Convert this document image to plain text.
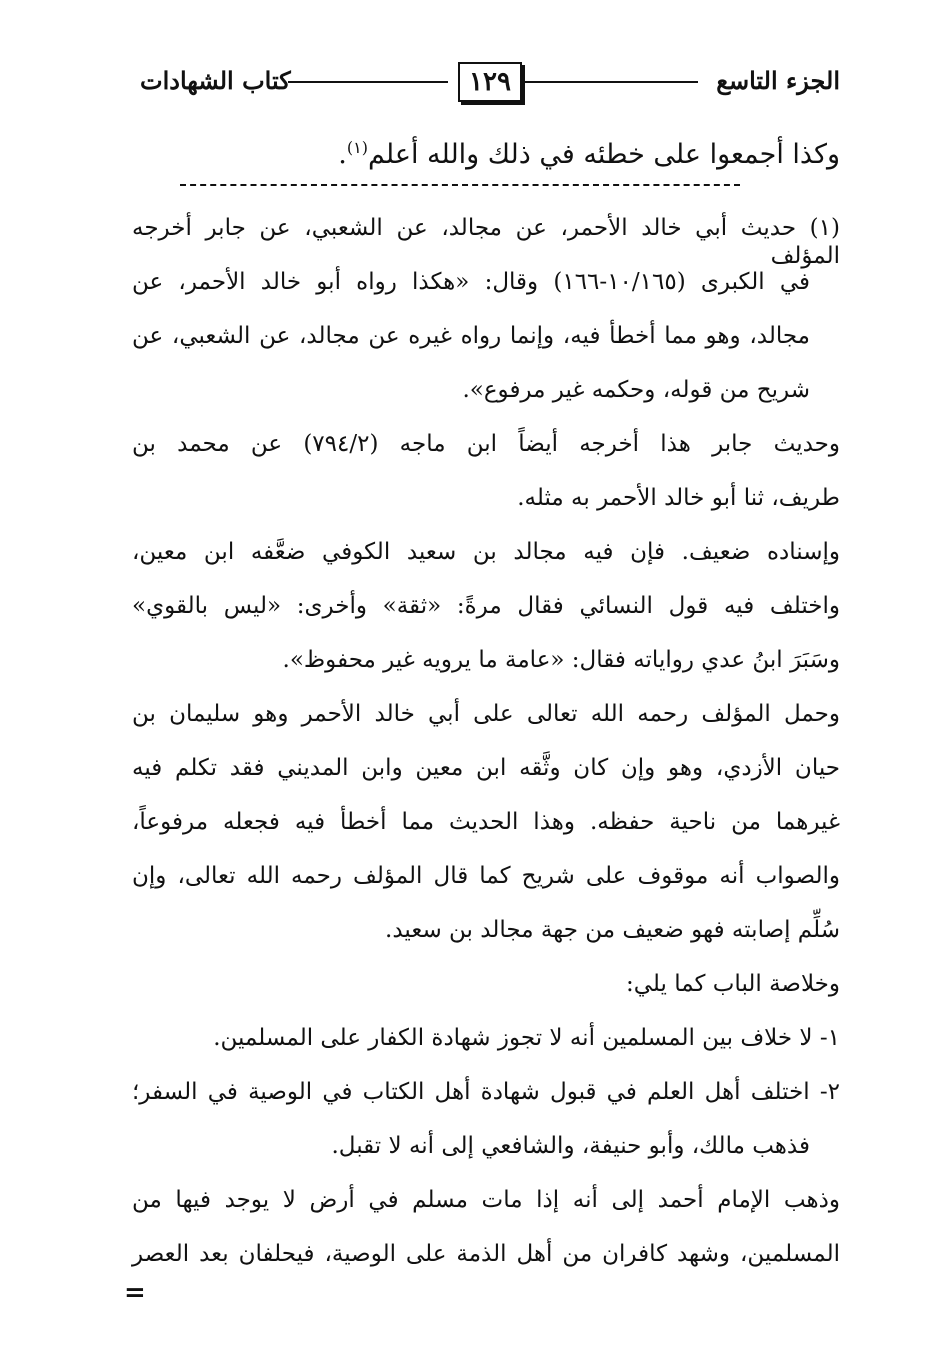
الجزء التاسع
١٢٩
كتاب الشهادات
وكذا أجمعوا على خطئه في ذلك والله أعلم$^{(١)}$.
(١) حديث أبي خالد الأحمر، عن مجالد، عن الشعبي، عن جابر أخرجه المؤلف
في الكبرى (١٠/١٦٥-١٦٦) وقال: «هكذا رواه أبو خالد الأحمر، عن
مجالد، وهو مما أخطأ فيه، وإنما رواه غيره عن مجالد، عن الشعبي، عن
شريح من قوله، وحكمه غير مرفوع».
وحديث جابر هذا أخرجه أيضاً ابن ماجه (٧٩٤/٢) عن محمد بن
طريف، ثنا أبو خالد الأحمر به مثله.
وإسناده ضعيف. فإن فيه مجالد بن سعيد الكوفي ضعَّفه ابن معين،
واختلف فيه قول النسائي فقال مرةً: «ثقة» وأخرى: «ليس بالقوي»
وسَبَرَ ابنُ عدي رواياته فقال: «عامة ما يرويه غير محفوظ».
وحمل المؤلف رحمه الله تعالى على أبي خالد الأحمر وهو سليمان بن
حيان الأزدي، وهو وإن كان وثَّقه ابن معين وابن المديني فقد تكلم فيه
غيرهما من ناحية حفظه. وهذا الحديث مما أخطأ فيه فجعله مرفوعاً،
والصواب أنه موقوف على شريح كما قال المؤلف رحمه الله تعالى، وإن
سُلِّم إصابته فهو ضعيف من جهة مجالد بن سعيد.
وخلاصة الباب كما يلي:
١- لا خلاف بين المسلمين أنه لا تجوز شهادة الكفار على المسلمين.
٢- اختلف أهل العلم في قبول شهادة أهل الكتاب في الوصية في السفر؛
فذهب مالك، وأبو حنيفة، والشافعي إلى أنه لا تقبل.
وذهب الإمام أحمد إلى أنه إذا مات مسلم في أرض لا يوجد فيها من
المسلمين، وشهد كافران من أهل الذمة على الوصية، فيحلفان بعد العصر
=
